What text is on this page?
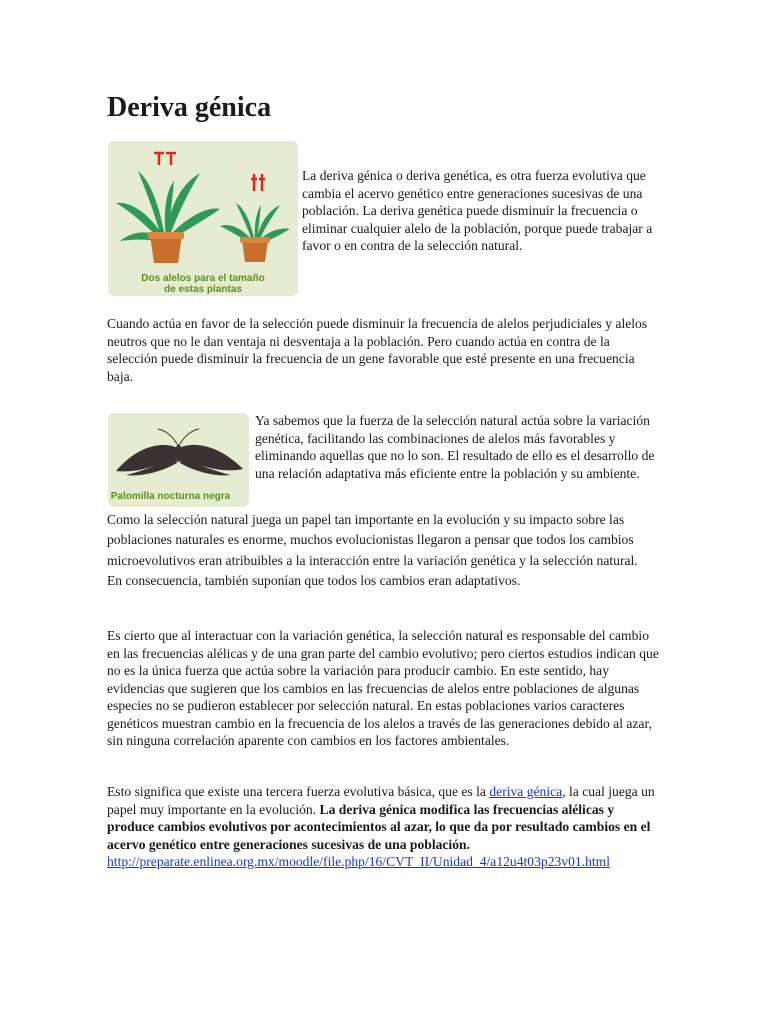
Deriva génica
Dos alelos para el tamaño
de estas plantas

La deriva génica o deriva genética, es otra fuerza evolutiva que cambia el acervo genético entre generaciones sucesivas de una población. La deriva genética puede disminuir la frecuencia o eliminar cualquier alelo de la población, porque puede trabajar a favor o en contra de la selección natural.

Cuando actúa en favor de la selección puede disminuir la frecuencia de alelos perjudiciales y alelos neutros que no le dan ventaja ni desventaja a la población. Pero cuando actúa en contra de la selección puede disminuir la frecuencia de un gene favorable que esté presente en una frecuencia baja.

Palomilla nocturna negra

Ya sabemos que la fuerza de la selección natural actúa sobre la variación genética, facilitando las combinaciones de alelos más favorables y eliminando aquellas que no lo son. El resultado de ello es el desarrollo de una relación adaptativa más eficiente entre la población y su ambiente.

Como la selección natural juega un papel tan importante en la evolución y su impacto sobre las poblaciones naturales es enorme, muchos evolucionistas llegaron a pensar que todos los cambios microevolutivos eran atribuibles a la interacción entre la variación genética y la selección natural. En consecuencia, también suponían que todos los cambios eran adaptativos.

Es cierto que al interactuar con la variación genética, la selección natural es responsable del cambio en las frecuencias alélicas y de una gran parte del cambio evolutivo; pero ciertos estudios indican que no es la única fuerza que actúa sobre la variación para producir cambio. En este sentido, hay evidencias que sugieren que los cambios en las frecuencias de alelos entre poblaciones de algunas especies no se pudieron establecer por selección natural. En estas poblaciones varios caracteres genéticos muestran cambio en la frecuencia de los alelos a través de las generaciones debido al azar, sin ninguna correlación aparente con cambios en los factores ambientales.

Esto significa que existe una tercera fuerza evolutiva básica, que es la deriva génica, la cual juega un papel muy importante en la evolución. La deriva génica modifica las frecuencias alélicas y produce cambios evolutivos por acontecimientos al azar, lo que da por resultado cambios en el acervo genético entre generaciones sucesivas de una población.
http://preparate.enlinea.org.mx/moodle/file.php/16/CVT_II/Unidad_4/a12u4t03p23v01.html
